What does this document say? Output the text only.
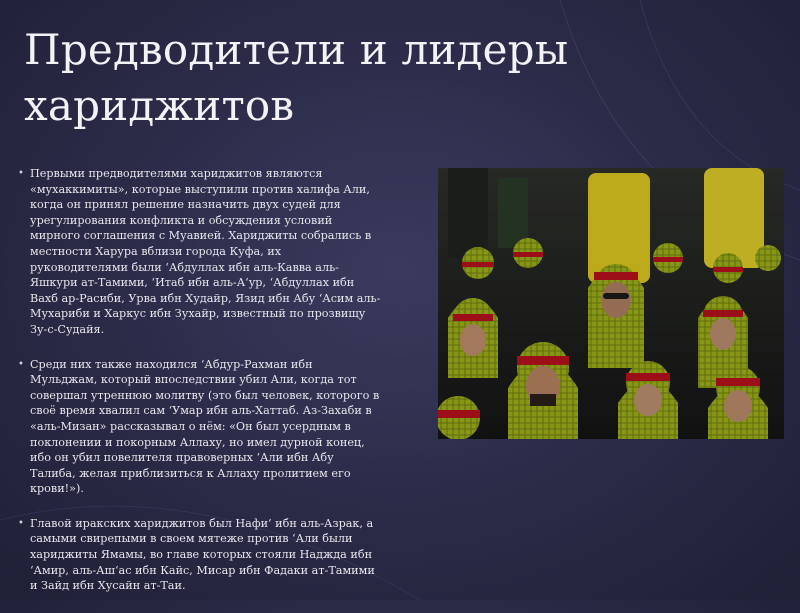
Предводители и лидеры
хариджитов
• Первыми предводителями хариджитов являются «мухаккимиты», которые выступили против халифа Али, когда он принял решение назначить двух судей для урегулирования конфликта и обсуждения условий мирного соглашения с Муавией. Хариджиты собрались в местности Харура вблизи города Куфа, их руководителями были ‘Абдуллах ибн аль-Кавва аль-Яшкури ат-Тамими, ‘Итаб ибн аль-А‘ур, ‘Абдуллах ибн Вахб ар-Расиби, Урва ибн Худайр, Язид ибн Абу ‘Асим аль-Мухариби и Харкус ибн Зухайр, известный по прозвищу Зу-с-Судайя.
• Среди них также находился ‘Абдур-Рахман ибн Мульджам, который впоследствии убил Али, когда тот совершал утреннюю молитву (это был человек, которого в своё время хвалил сам ‘Умар ибн аль-Хаттаб. Аз-Захаби в «аль-Мизан» рассказывал о нём: «Он был усердным в поклонении и покорным Аллаху, но имел дурной конец, ибо он убил повелителя правоверных ‘Али ибн Абу Талиба, желая приблизиться к Аллаху пролитием его крови!»).
• Главой иракских хариджитов был Нафи‘ ибн аль-Азрак, а самыми свирепыми в своем мятеже против ‘Али были хариджиты Ямамы, во главе которых стояли Наджда ибн ‘Амир, аль-Аш‘ас ибн Кайс, Мисар ибн Фадаки ат-Тамими и Зайд ибн Хусайн ат-Таи.
